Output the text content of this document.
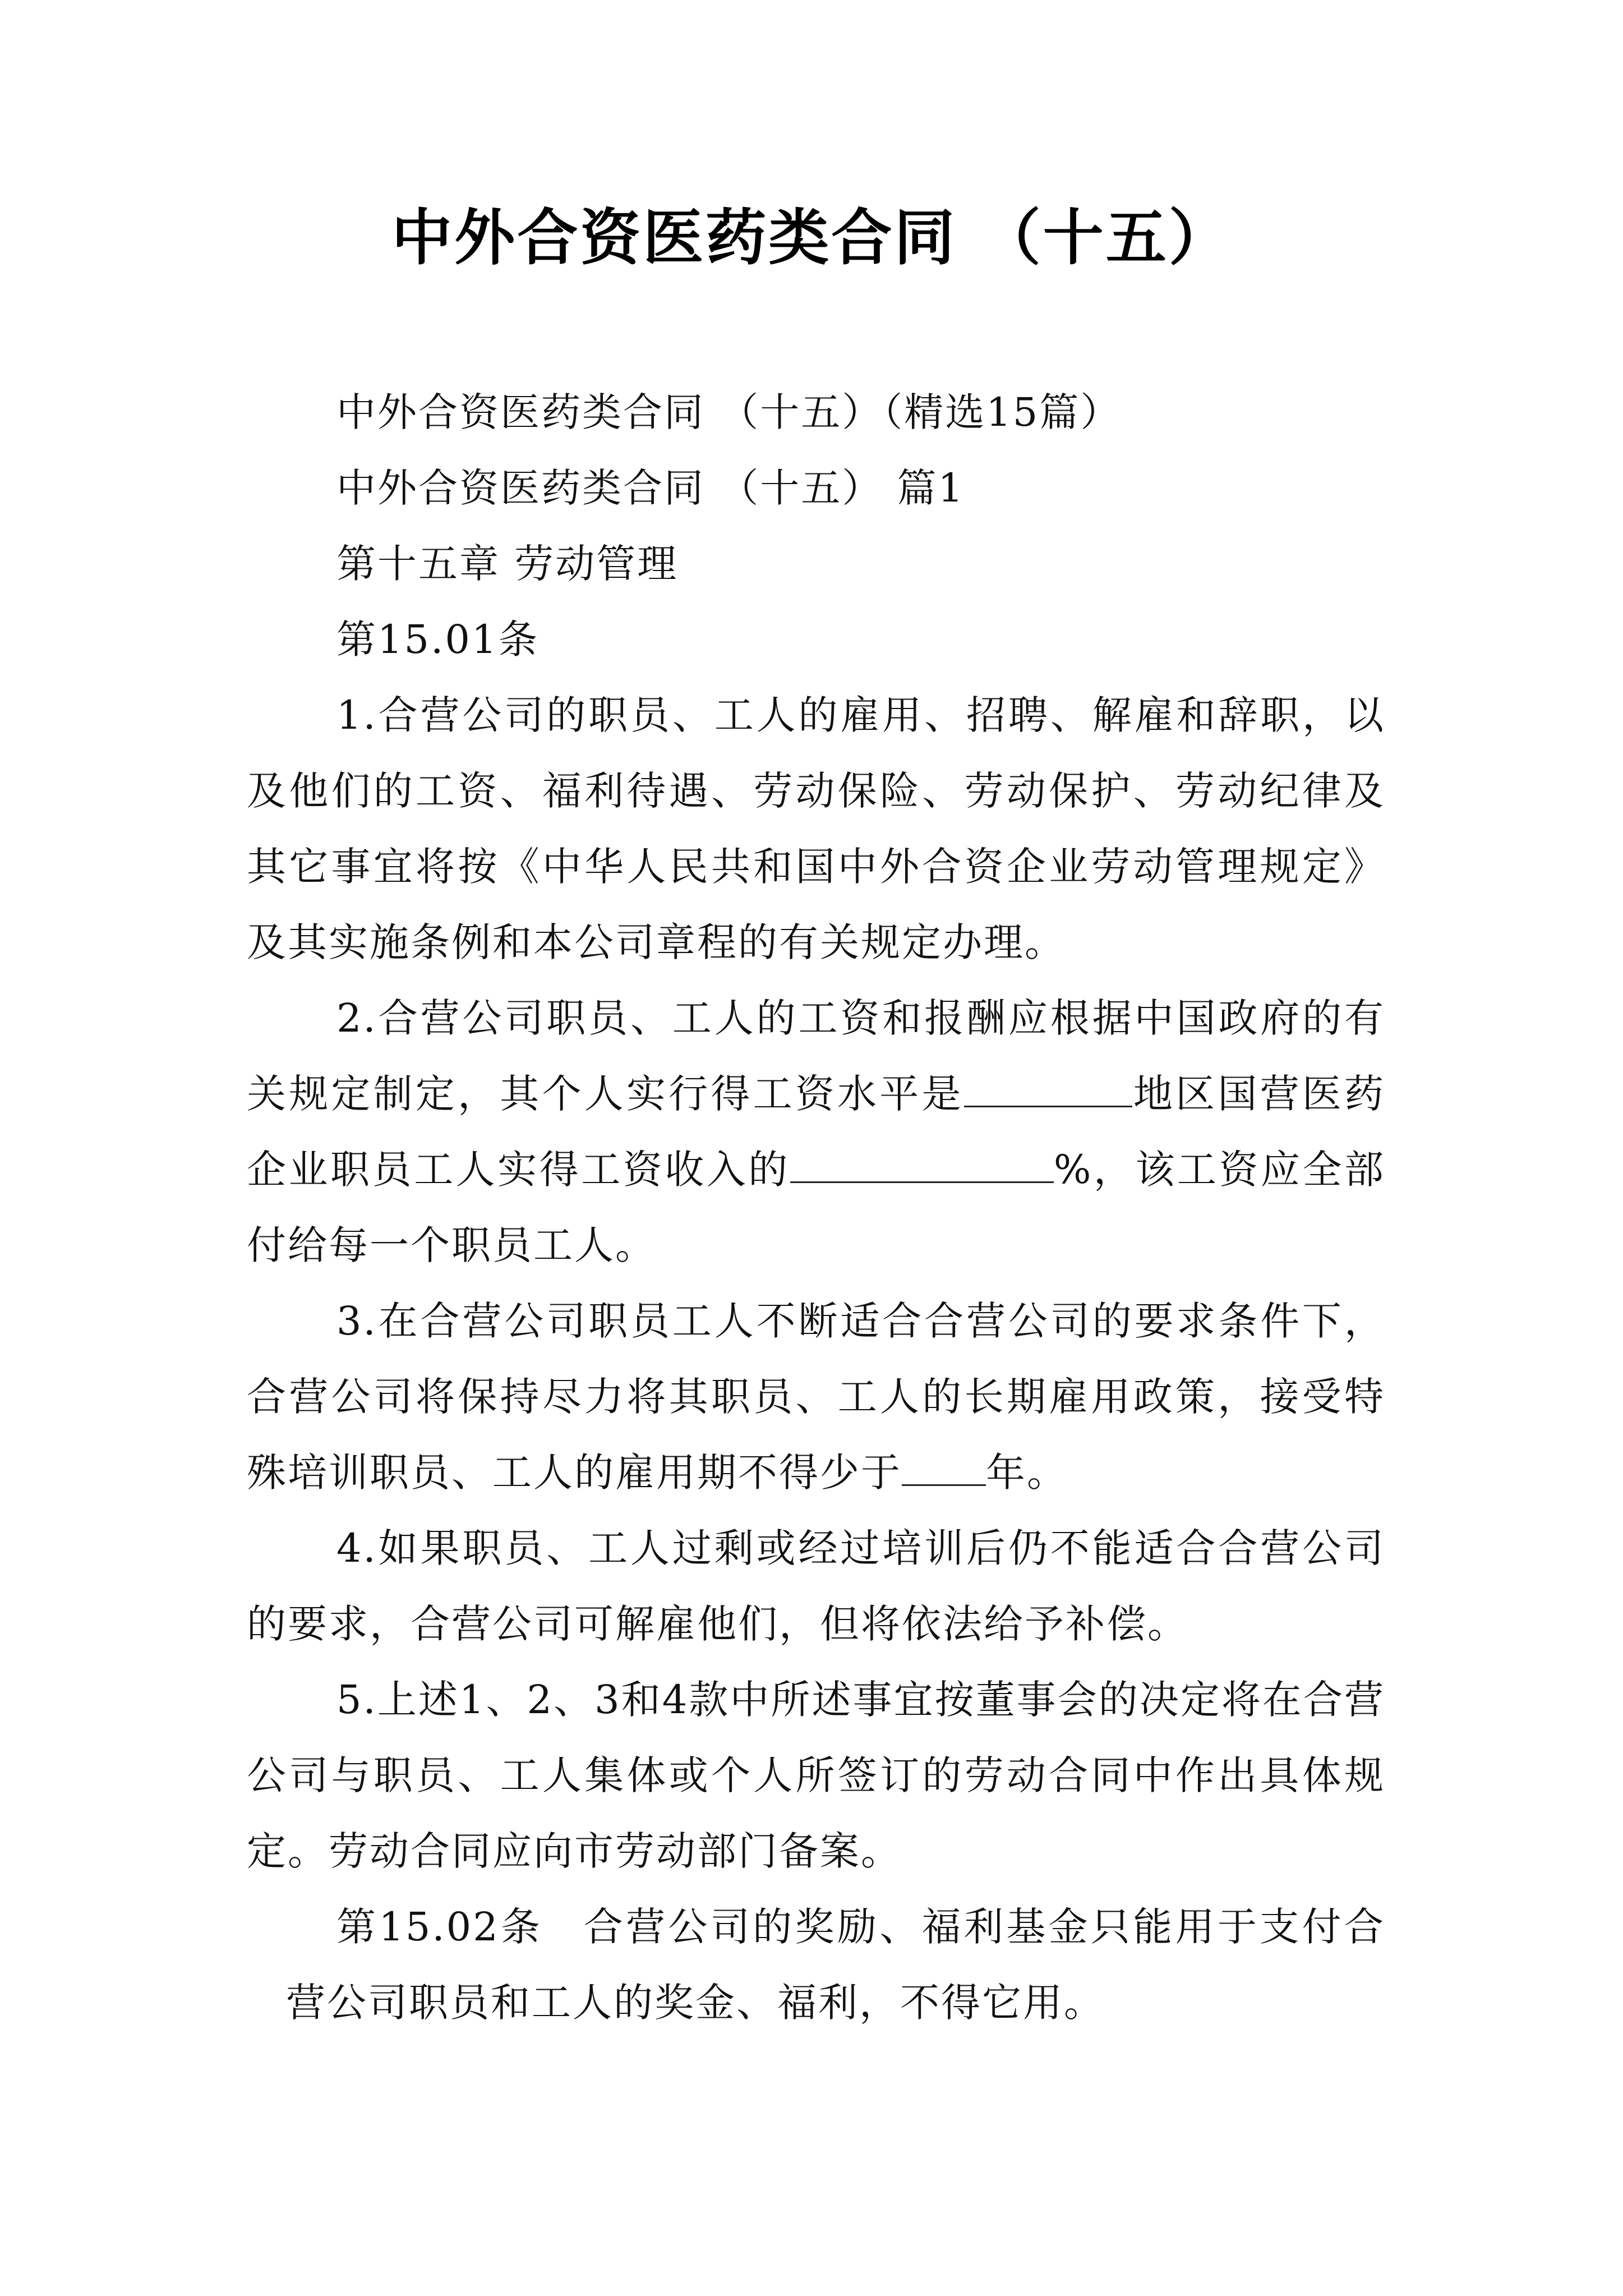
中外合资医药类合同 （十五）
中外合资医药类合同 （十五）（精选15篇）
中外合资医药类合同 （十五） 篇1
第十五章 劳动管理
第15.01条

1.合营公司的职员、工人的雇用、招聘、解雇和辞职，以及他们的工资、福利待遇、劳动保险、劳动保护、劳动纪律及其它事宜将按《中华人民共和国中外合资企业劳动管理规定》及其实施条例和本公司章程的有关规定办理。

2.合营公司职员、工人的工资和报酬应根据中国政府的有关规定制定，其个人实行得工资水平是	地区国营医药企业职员工人实得工资收入的	%，该工资应全部付给每一个职员工人。

3.在合营公司职员工人不断适合合营公司的要求条件下，合营公司将保持尽力将其职员、工人的长期雇用政策，接受特殊培训职员、工人的雇用期不得少于 年。

4.如果职员、工人过剩或经过培训后仍不能适合合营公司的要求，合营公司可解雇他们，但将依法给予补偿。

5.上述1、2、3和4款中所述事宜按董事会的决定将在合营公司与职员、工人集体或个人所签订的劳动合同中作出具体规定。劳动合同应向市劳动部门备案。

第15.02条 合营公司的奖励、福利基金只能用于支付合营公司职员和工人的奖金、福利，不得它用。
